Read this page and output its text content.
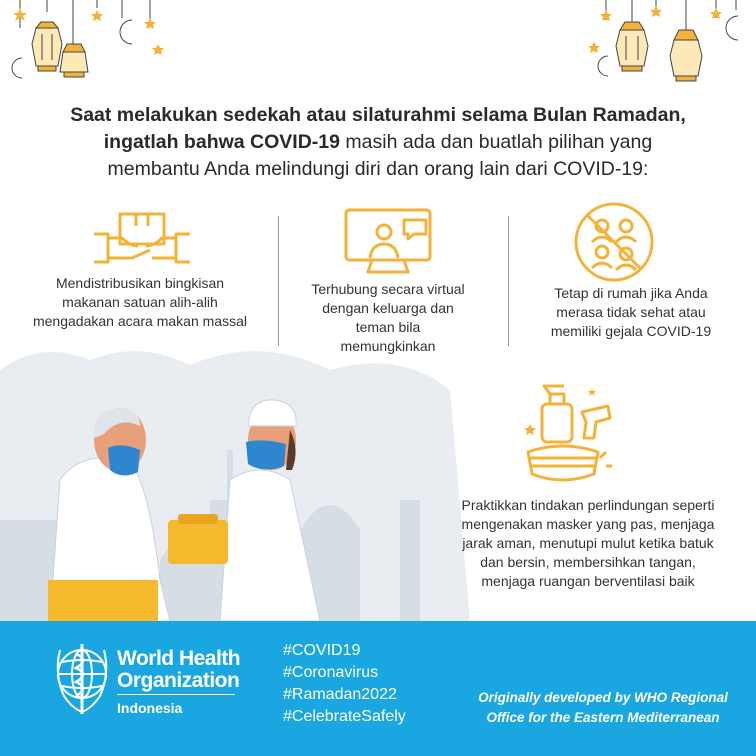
Saat melakukan sedekah atau silaturahmi selama Bulan Ramadan,
ingatlah bahwa COVID-19 masih ada dan buatlah pilihan yang
membantu Anda melindungi diri dan orang lain dari COVID-19:
Mendistribusikan bingkisan
makanan satuan alih-alih
mengadakan acara makan massal
Terhubung secara virtual
dengan keluarga dan
teman bila
memungkinkan
Tetap di rumah jika Anda
merasa tidak sehat atau
memiliki gejala COVID-19
Praktikkan tindakan perlindungan seperti
mengenakan masker yang pas, menjaga
jarak aman, menutupi mulut ketika batuk
dan bersin, membersihkan tangan,
menjaga ruangan berventilasi baik
World Health
Organization
Indonesia
#COVID19
#Coronavirus
#Ramadan2022
#CelebrateSafely
Originally developed by WHO Regional
Office for the Eastern Mediterranean
